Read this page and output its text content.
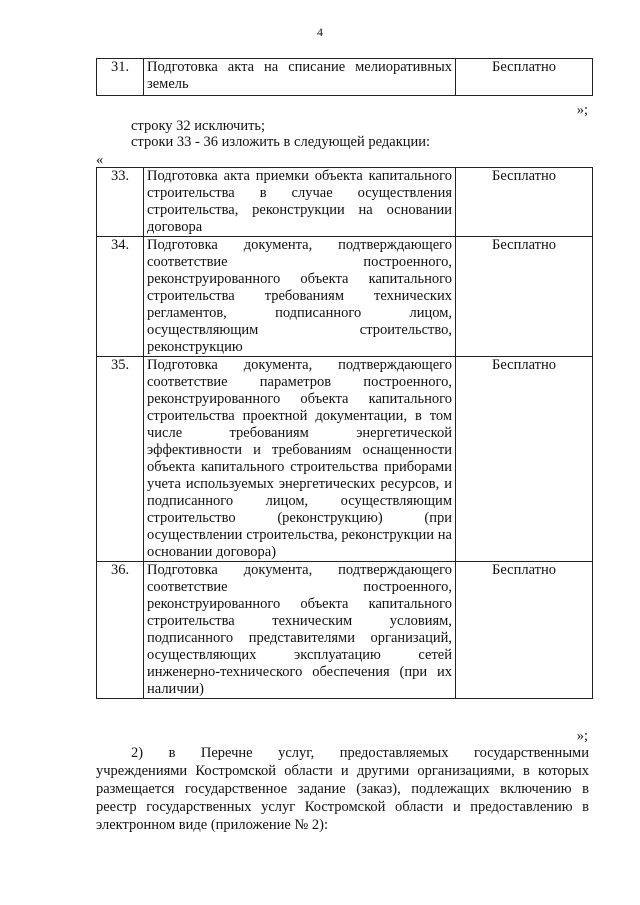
4
31.	Подготовка акта на списание мелиоративных земель	Бесплатно
»;
строку 32 исключить;
строки 33 - 36 изложить в следующей редакции:
«
33.	Подготовка акта приемки объекта капитального строительства в случае осуществления строительства, реконструкции на основании договора	Бесплатно
34.	Подготовка документа, подтверждающего соответствие построенного, реконструированного объекта капитального строительства требованиям технических регламентов, подписанного лицом, осуществляющим строительство, реконструкцию	Бесплатно
35.	Подготовка документа, подтверждающего соответствие параметров построенного, реконструированного объекта капитального строительства проектной документации, в том числе требованиям энергетической эффективности и требованиям оснащенности объекта капитального строительства приборами учета используемых энергетических ресурсов, и подписанного лицом, осуществляющим строительство (реконструкцию) (при осуществлении строительства, реконструкции на основании договора)	Бесплатно
36.	Подготовка документа, подтверждающего соответствие построенного, реконструированного объекта капитального строительства техническим условиям, подписанного представителями организаций, осуществляющих эксплуатацию сетей инженерно-технического обеспечения (при их наличии)	Бесплатно
»;
2) в Перечне услуг, предоставляемых государственными
учреждениями Костромской области и другими организациями, в которых
размещается государственное задание (заказ), подлежащих включению в
реестр государственных услуг Костромской области и предоставлению в
электронном виде (приложение № 2):
